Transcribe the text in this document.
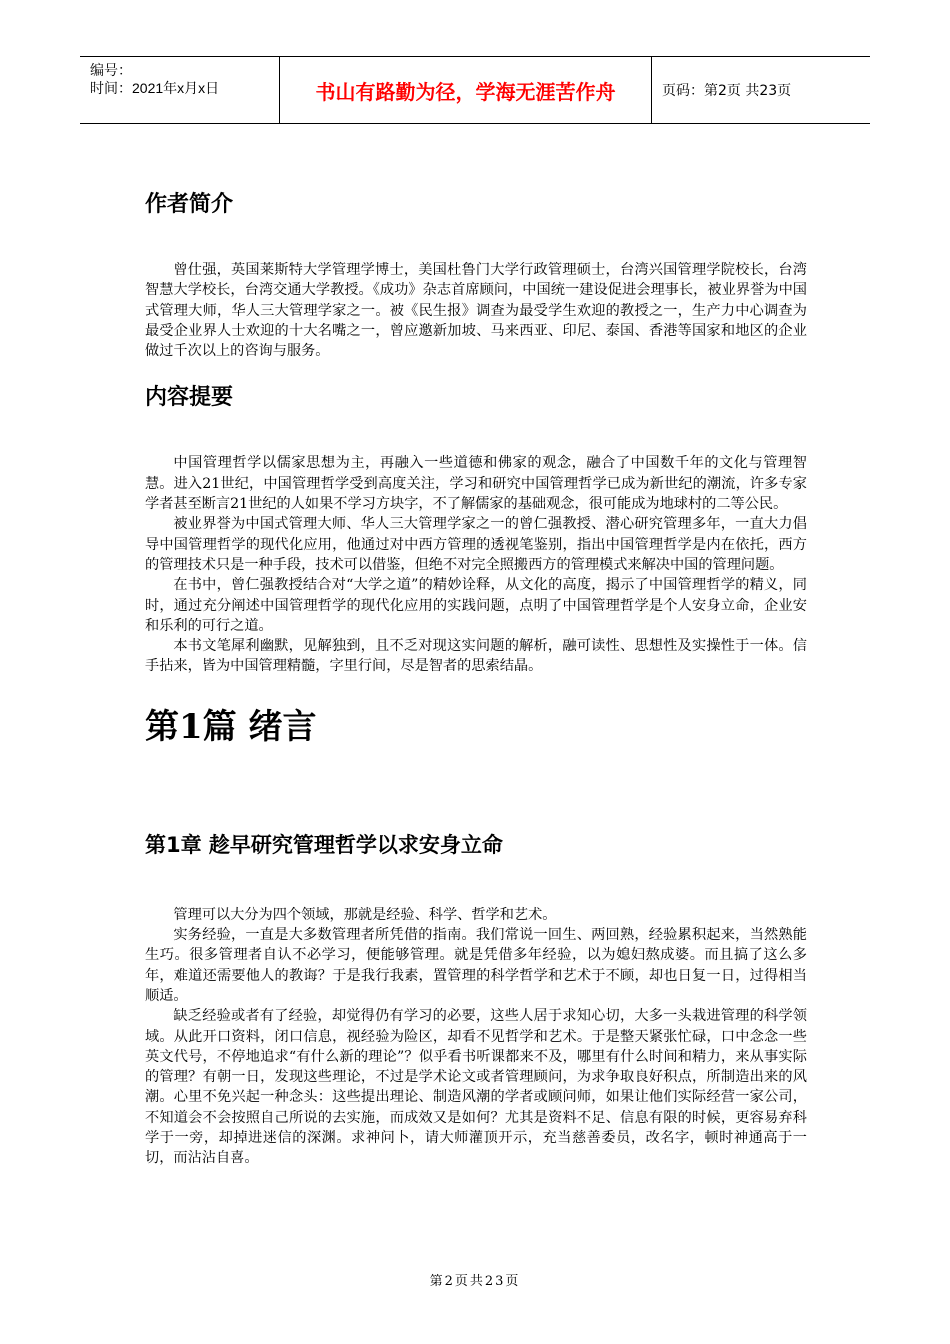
编号：
时间：2021年x月x日	书山有路勤为径，学海无涯苦作舟	页码：第2页 共23页
作者简介

曾仕强，英国莱斯特大学管理学博士，美国杜鲁门大学行政管理硕士，台湾兴国管理学院校长，台湾智慧大学校长，台湾交通大学教授。《成功》杂志首席顾问，中国统一建设促进会理事长，被业界誉为中国式管理大师，华人三大管理学家之一。被《民生报》调查为最受学生欢迎的教授之一，生产力中心调查为最受企业界人士欢迎的十大名嘴之一，曾应邀新加坡、马来西亚、印尼、泰国、香港等国家和地区的企业做过千次以上的咨询与服务。

内容提要

中国管理哲学以儒家思想为主，再融入一些道德和佛家的观念，融合了中国数千年的文化与管理智慧。进入21世纪，中国管理哲学受到高度关注，学习和研究中国管理哲学已成为新世纪的潮流，许多专家学者甚至断言21世纪的人如果不学习方块字，不了解儒家的基础观念，很可能成为地球村的二等公民。

被业界誉为中国式管理大师、华人三大管理学家之一的曾仁强教授、潜心研究管理多年，一直大力倡导中国管理哲学的现代化应用，他通过对中西方管理的透视笔鉴别，指出中国管理哲学是内在依托，西方的管理技术只是一种手段，技术可以借鉴，但绝不对完全照搬西方的管理模式来解决中国的管理问题。

在书中，曾仁强教授结合对“大学之道”的精妙诠释，从文化的高度，揭示了中国管理哲学的精义，同时，通过充分阐述中国管理哲学的现代化应用的实践问题，点明了中国管理哲学是个人安身立命，企业安和乐利的可行之道。

本书文笔犀利幽默，见解独到，且不乏对现这实问题的解析，融可读性、思想性及实操性于一体。信手拈来，皆为中国管理精髓，字里行间，尽是智者的思索结晶。

第1篇 绪言
第1章 趁早研究管理哲学以求安身立命

管理可以大分为四个领域，那就是经验、科学、哲学和艺术。

实务经验，一直是大多数管理者所凭借的指南。我们常说一回生、两回熟，经验累积起来，当然熟能生巧。很多管理者自认不必学习，便能够管理。就是凭借多年经验，以为媳妇熬成婆。而且搞了这么多年，难道还需要他人的教诲？于是我行我素，置管理的科学哲学和艺术于不顾，却也日复一日，过得相当顺适。

缺乏经验或者有了经验，却觉得仍有学习的必要，这些人居于求知心切，大多一头栽进管理的科学领域。从此开口资料，闭口信息，视经验为险区，却看不见哲学和艺术。于是整天紧张忙碌，口中念念一些英文代号，不停地追求“有什么新的理论”？似乎看书听课都来不及，哪里有什么时间和精力，来从事实际的管理？有朝一日，发现这些理论，不过是学术论文或者管理顾问，为求争取良好积点，所制造出来的风潮。心里不免兴起一种念头：这些提出理论、制造风潮的学者或顾问师，如果让他们实际经营一家公司，不知道会不会按照自己所说的去实施，而成效又是如何？尤其是资料不足、信息有限的时候，更容易弃科学于一旁，却掉进迷信的深渊。求神问卜，请大师灌顶开示，充当慈善委员，改名字，顿时神通高于一切，而沾沾自喜。

第2页共23页
